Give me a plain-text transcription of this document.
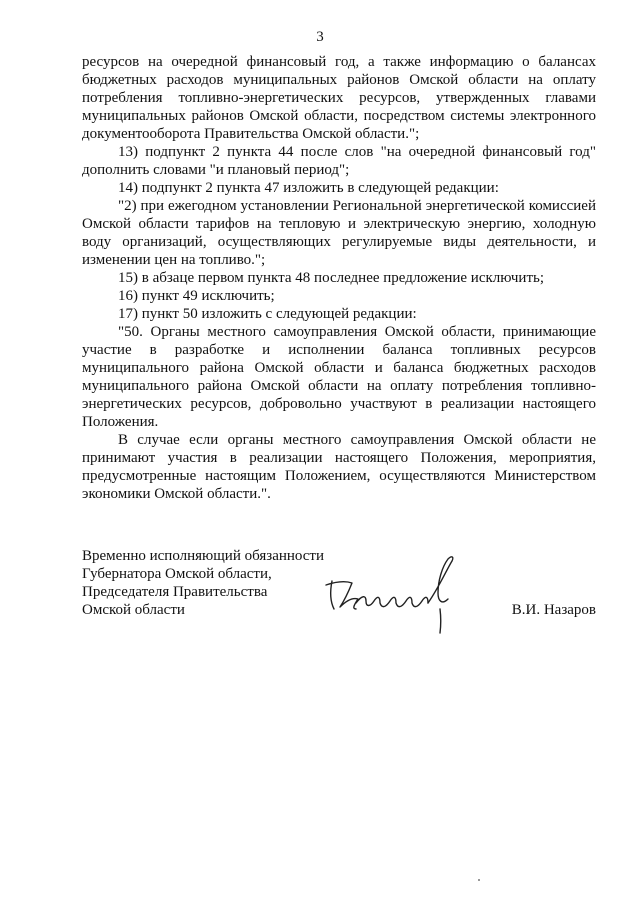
3

ресурсов на очередной финансовый год, а также информацию о балансах бюджетных расходов муниципальных районов Омской области на оплату потребления топливно-энергетических ресурсов, утвержденных главами муниципальных районов Омской области, посредством системы электронного документооборота Правительства Омской области.";

13) подпункт 2 пункта 44 после слов "на очередной финансовый год" дополнить словами "и плановый период";

14) подпункт 2 пункта 47 изложить в следующей редакции:

"2) при ежегодном установлении Региональной энергетической комиссией Омской области тарифов на тепловую и электрическую энергию, холодную воду организаций, осуществляющих регулируемые виды деятельности, и изменении цен на топливо.";

15) в абзаце первом пункта 48 последнее предложение исключить;

16) пункт 49 исключить;

17) пункт 50 изложить с следующей редакции:

"50. Органы местного самоуправления Омской области, принимающие участие в разработке и исполнении баланса топливных ресурсов муниципального района Омской области и баланса бюджетных расходов муниципального района Омской области на оплату потребления топливно-энергетических ресурсов, добровольно участвуют в реализации настоящего Положения.

В случае если органы местного самоуправления Омской области не принимают участия в реализации настоящего Положения, мероприятия, предусмотренные настоящим Положением, осуществляются Министерством экономики Омской области.".

Временно исполняющий обязанности
Губернатора Омской области,
Председателя Правительства
Омской области	В.И. Назаров
